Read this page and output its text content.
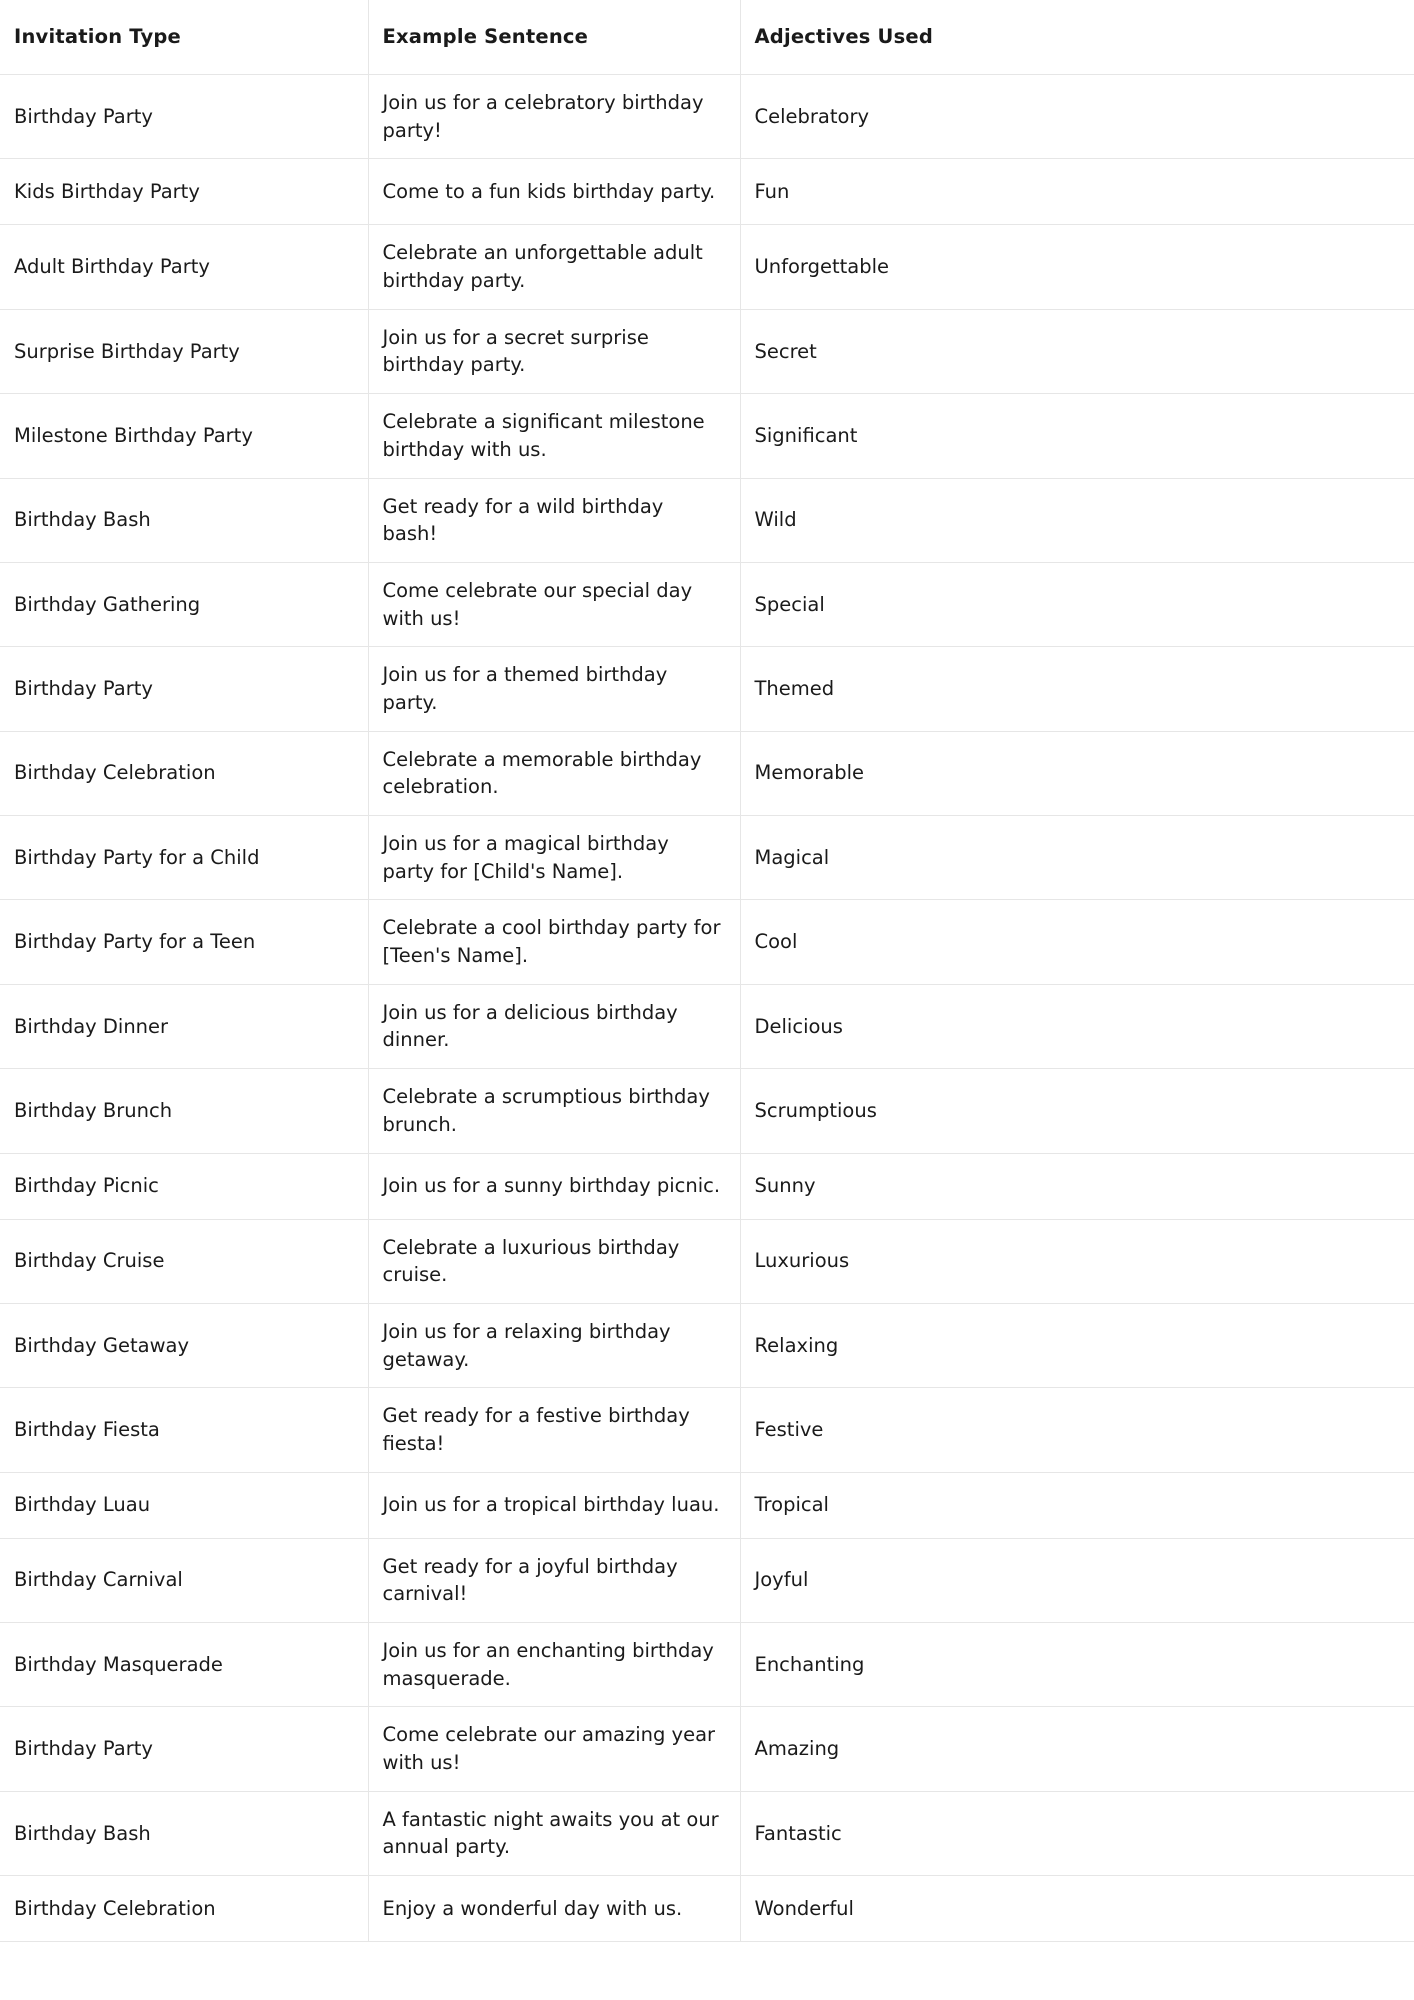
Invitation Type	Example Sentence	Adjectives Used
Birthday Party	Join us for a celebratory birthday party!	Celebratory
Kids Birthday Party	Come to a fun kids birthday party.	Fun
Adult Birthday Party	Celebrate an unforgettable adult birthday party.	Unforgettable
Surprise Birthday Party	Join us for a secret surprise birthday party.	Secret
Milestone Birthday Party	Celebrate a significant milestone birthday with us.	Significant
Birthday Bash	Get ready for a wild birthday bash!	Wild
Birthday Gathering	Come celebrate our special day with us!	Special
Birthday Party	Join us for a themed birthday party.	Themed
Birthday Celebration	Celebrate a memorable birthday celebration.	Memorable
Birthday Party for a Child	Join us for a magical birthday party for [Child's Name].	Magical
Birthday Party for a Teen	Celebrate a cool birthday party for [Teen's Name].	Cool
Birthday Dinner	Join us for a delicious birthday dinner.	Delicious
Birthday Brunch	Celebrate a scrumptious birthday brunch.	Scrumptious
Birthday Picnic	Join us for a sunny birthday picnic.	Sunny
Birthday Cruise	Celebrate a luxurious birthday cruise.	Luxurious
Birthday Getaway	Join us for a relaxing birthday getaway.	Relaxing
Birthday Fiesta	Get ready for a festive birthday fiesta!	Festive
Birthday Luau	Join us for a tropical birthday luau.	Tropical
Birthday Carnival	Get ready for a joyful birthday carnival!	Joyful
Birthday Masquerade	Join us for an enchanting birthday masquerade.	Enchanting
Birthday Party	Come celebrate our amazing year with us!	Amazing
Birthday Bash	A fantastic night awaits you at our annual party.	Fantastic
Birthday Celebration	Enjoy a wonderful day with us.	Wonderful
